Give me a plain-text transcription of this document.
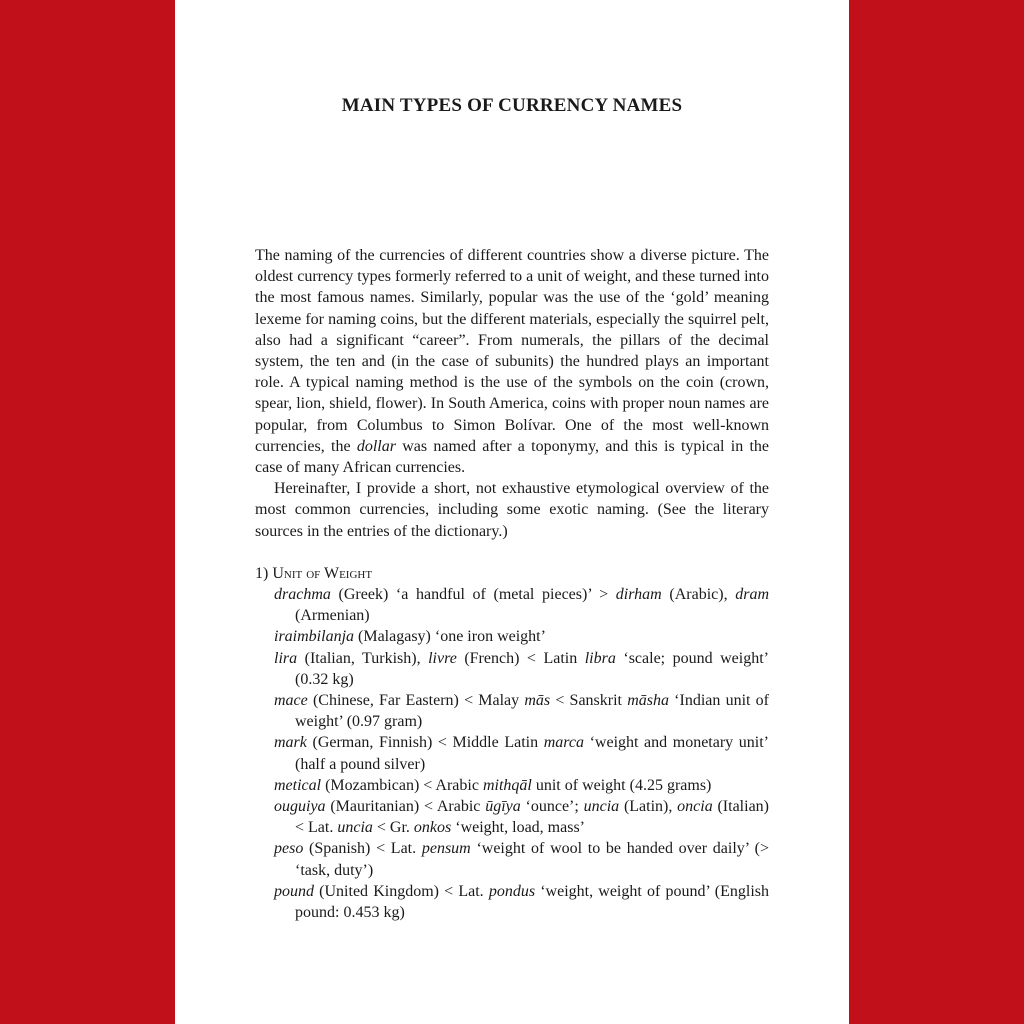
MAIN TYPES OF CURRENCY NAMES

The naming of the currencies of different countries show a diverse picture. The oldest currency types formerly referred to a unit of weight, and these turned into the most famous names. Similarly, popular was the use of the ‘gold’ meaning lexeme for naming coins, but the different materials, especially the squirrel pelt, also had a significant “career”. From numerals, the pillars of the decimal system, the ten and (in the case of subunits) the hundred plays an important role. A typical naming method is the use of the symbols on the coin (crown, spear, lion, shield, flower). In South America, coins with proper noun names are popular, from Columbus to Simon Bolívar. One of the most well-known currencies, the dollar was named after a toponymy, and this is typical in the case of many African currencies.

Hereinafter, I provide a short, not exhaustive etymological overview of the most common currencies, including some exotic naming. (See the literary sources in the entries of the dictionary.)

1) Unit of Weight

drachma (Greek) ‘a handful of (metal pieces)’ > dirham (Arabic), dram (Armenian)

iraimbilanja (Malagasy) ‘one iron weight’

lira (Italian, Turkish), livre (French) < Latin libra ‘scale; pound weight’ (0.32 kg)

mace (Chinese, Far Eastern) < Malay mās < Sanskrit māsha ‘Indian unit of weight’ (0.97 gram)

mark (German, Finnish) < Middle Latin marca ‘weight and monetary unit’ (half a pound silver)

metical (Mozambican) < Arabic mithqāl unit of weight (4.25 grams)

ouguiya (Mauritanian) < Arabic ūgīya ‘ounce’; uncia (Latin), oncia (Italian) < Lat. uncia < Gr. onkos ‘weight, load, mass’

peso (Spanish) < Lat. pensum ‘weight of wool to be handed over daily’ (> ‘task, duty’)

pound (United Kingdom) < Lat. pondus ‘weight, weight of pound’ (English pound: 0.453 kg)
